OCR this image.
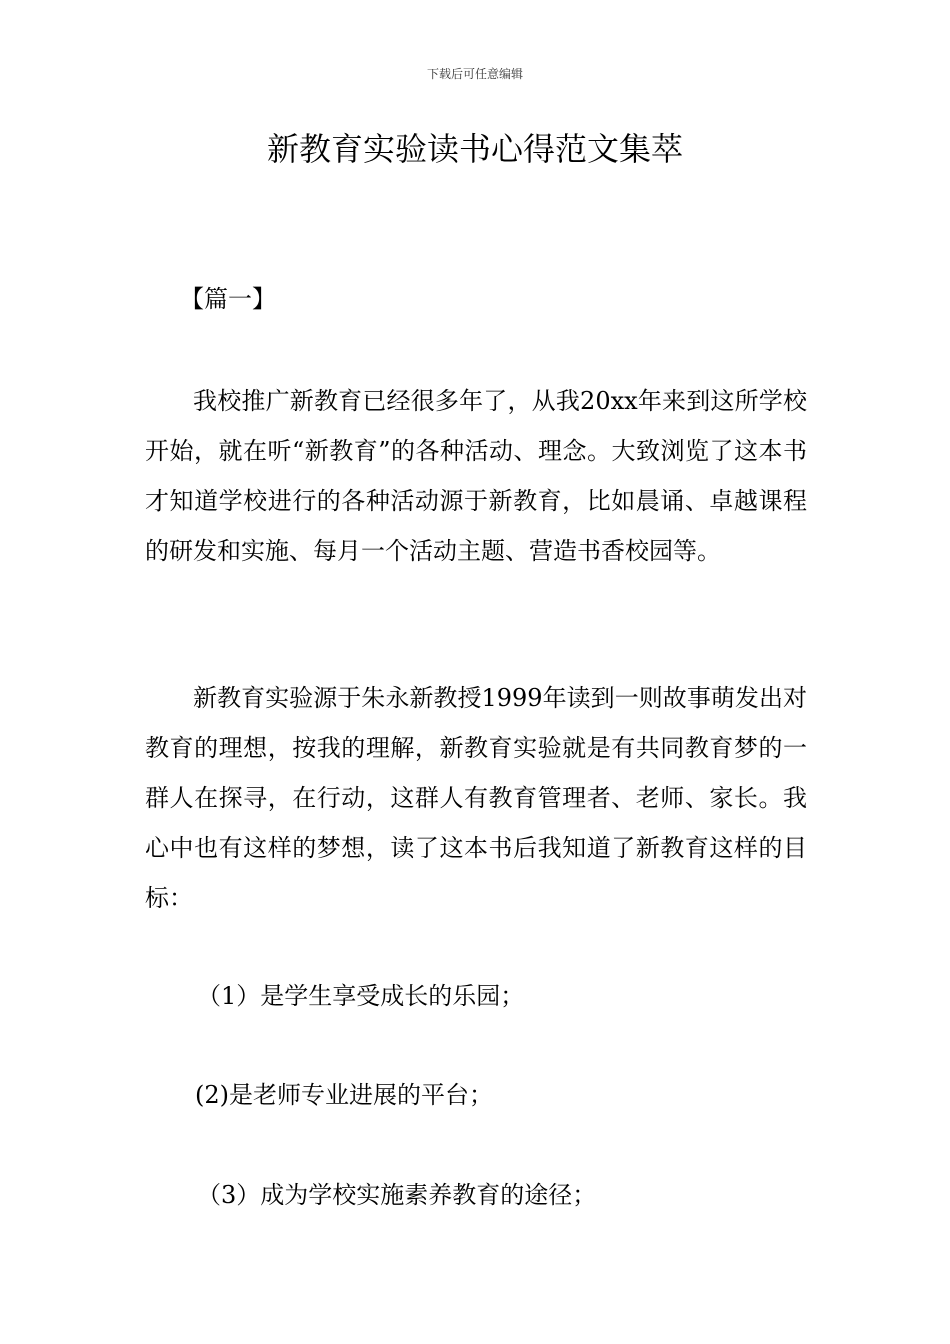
下载后可任意编辑
新教育实验读书心得范文集萃
【篇一】

我校推广新教育已经很多年了，从我20xx年来到这所学校开始，就在听“新教育”的各种活动、理念。大致浏览了这本书才知道学校进行的各种活动源于新教育，比如晨诵、卓越课程的研发和实施、每月一个活动主题、营造书香校园等。

新教育实验源于朱永新教授1999年读到一则故事萌发出对教育的理想，按我的理解，新教育实验就是有共同教育梦的一群人在探寻，在行动，这群人有教育管理者、老师、家长。我心中也有这样的梦想，读了这本书后我知道了新教育这样的目标：

（1）是学生享受成长的乐园；

(2)是老师专业进展的平台；

（3）成为学校实施素养教育的途径；
